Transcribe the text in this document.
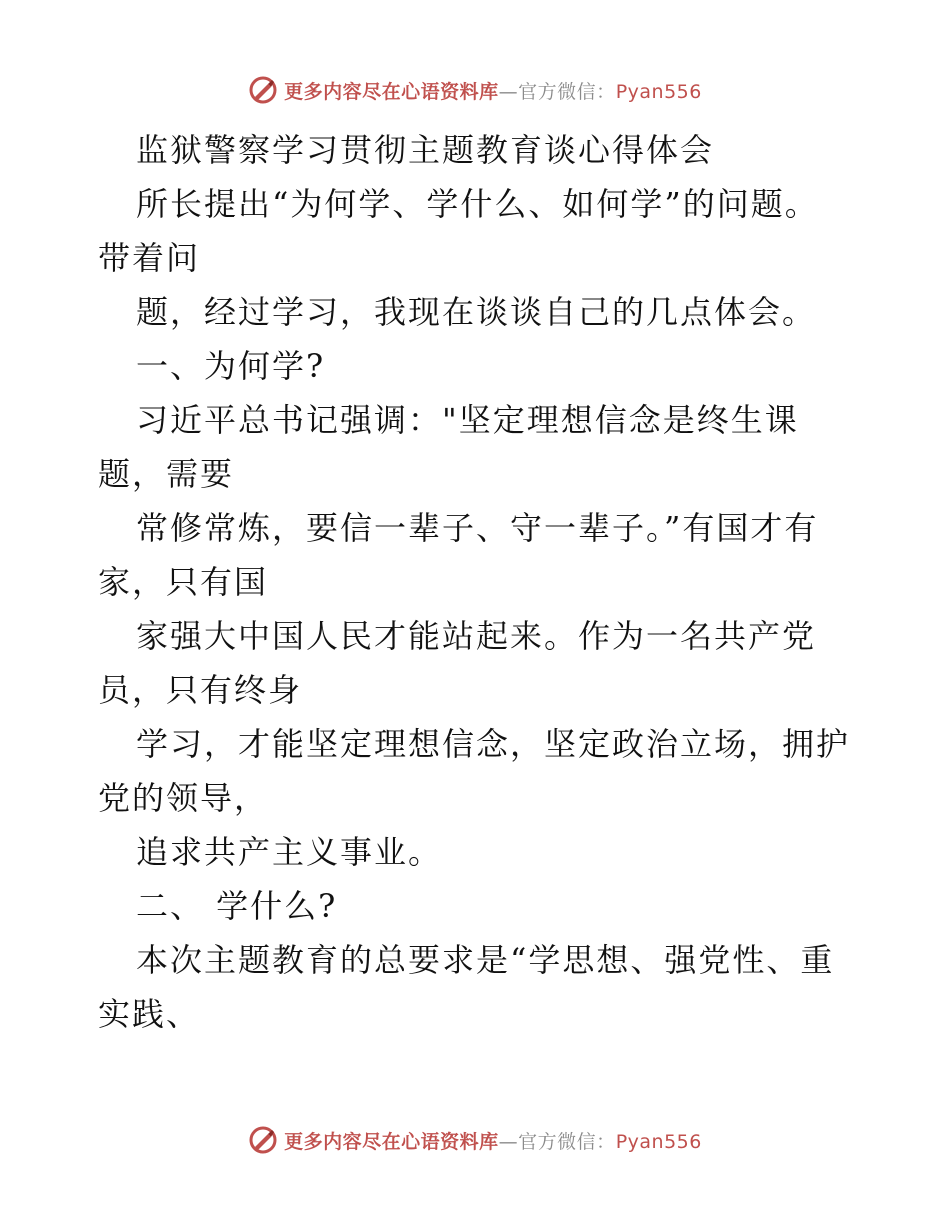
更多内容尽在心语资料库—官方微信：Pyan556
监狱警察学习贯彻主题教育谈心得体会
所长提出“为何学、学什么、如何学”的问题。
带着问
题，经过学习，我现在谈谈自己的几点体会。
一、为何学?
习近平总书记强调："坚定理想信念是终生课
题，需要
常修常炼，要信一辈子、守一辈子。”有国才有
家，只有国
家强大中国人民才能站起来。作为一名共产党
员，只有终身
学习，才能坚定理想信念，坚定政治立场，拥护
党的领导，
追求共产主义事业。
二、 学什么?
本次主题教育的总要求是“学思想、强党性、重
实践、
更多内容尽在心语资料库—官方微信：Pyan556
